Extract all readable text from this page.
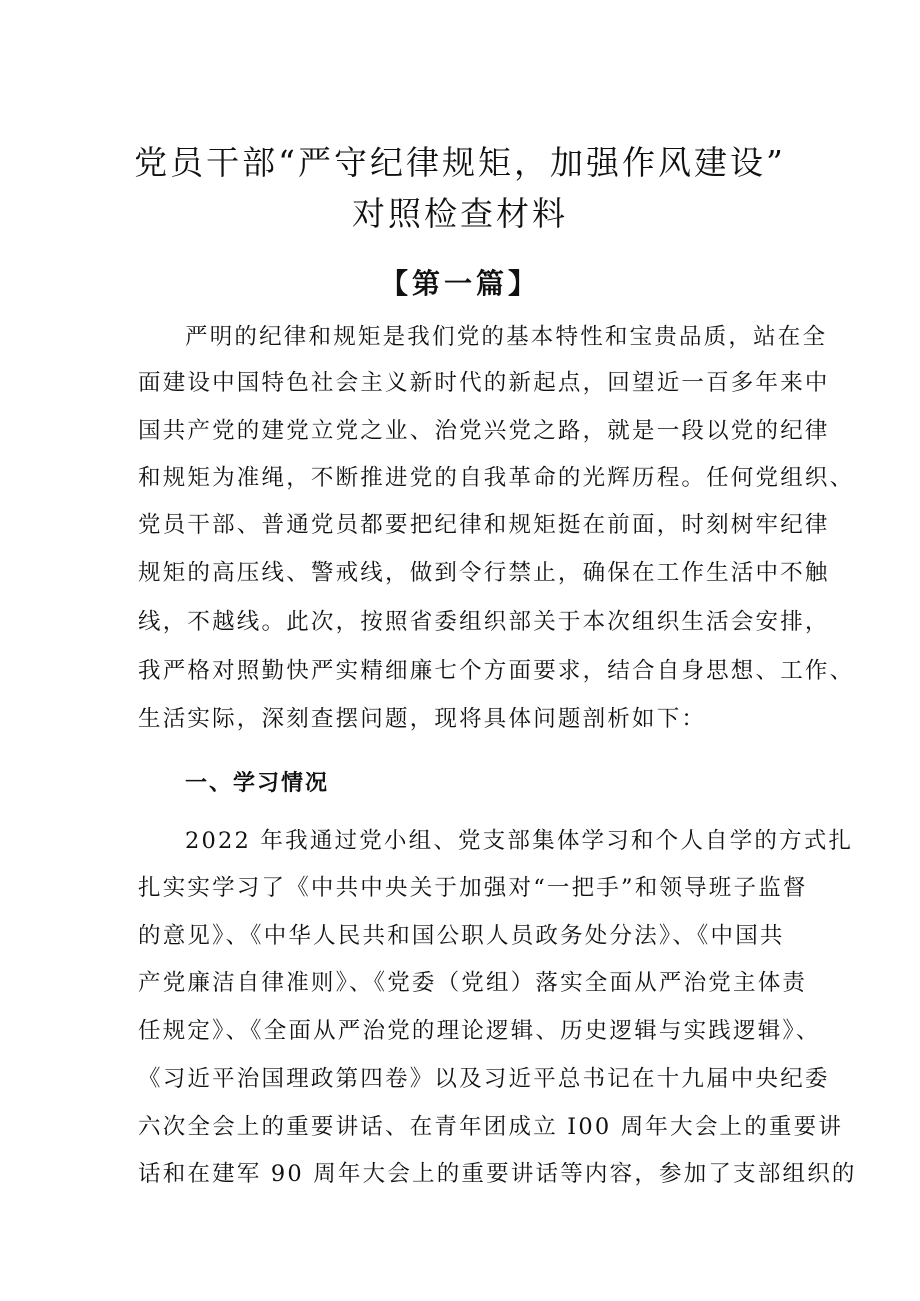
党员干部“严守纪律规矩，加强作风建设”
对照检查材料
【第一篇】
严明的纪律和规矩是我们党的基本特性和宝贵品质，站在全
面建设中国特色社会主义新时代的新起点，回望近一百多年来中
国共产党的建党立党之业、治党兴党之路，就是一段以党的纪律
和规矩为准绳，不断推进党的自我革命的光辉历程。任何党组织、
党员干部、普通党员都要把纪律和规矩挺在前面，时刻树牢纪律
规矩的高压线、警戒线，做到令行禁止，确保在工作生活中不触
线，不越线。此次，按照省委组织部关于本次组织生活会安排，
我严格对照勤快严实精细廉七个方面要求，结合自身思想、工作、
生活实际，深刻查摆问题，现将具体问题剖析如下：
一、学习情况
2022 年我通过党小组、党支部集体学习和个人自学的方式扎
扎实实学习了《中共中央关于加强对“一把手”和领导班子监督
的意见》、《中华人民共和国公职人员政务处分法》、《中国共
产党廉洁自律准则》、《党委（党组）落实全面从严治党主体责
任规定》、《全面从严治党的理论逻辑、历史逻辑与实践逻辑》、
《习近平治国理政第四卷》以及习近平总书记在十九届中央纪委
六次全会上的重要讲话、在青年团成立 I00 周年大会上的重要讲
话和在建军 90 周年大会上的重要讲话等内容，参加了支部组织的
